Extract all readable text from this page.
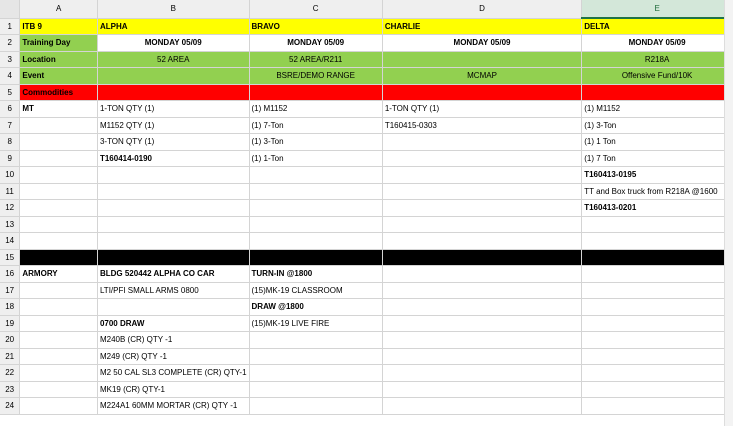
	A	B	C	D	E
1	ITB 9	ALPHA	BRAVO	CHARLIE	DELTA
2	Training Day	MONDAY 05/09	MONDAY 05/09	MONDAY 05/09	MONDAY 05/09
3	Location	52 AREA	52 AREA/R211		R218A
4	Event		BSRE/DEMO RANGE	MCMAP	Offensive Fund/10K
5	Commodities				
6	MT	1-TON QTY (1)	(1) M1152	1-TON QTY (1)	(1) M1152
7		M1152 QTY (1)	(1) 7-Ton	T160415-0303	(1) 3-Ton
8		3-TON QTY (1)	(1) 3-Ton		(1) 1 Ton
9		T160414-0190	(1) 1-Ton		(1) 7 Ton
10					T160413-0195
11					TT and Box truck from R218A @1600
12					T160413-0201
13					
14					
15					
16	ARMORY	BLDG 520442 ALPHA CO CAR	TURN-IN @1800		
17		LTI/PFI SMALL ARMS 0800	(15)MK-19 CLASSROOM		
18			DRAW @1800		
19		0700 DRAW	(15)MK-19 LIVE FIRE		
20		M240B (CR) QTY -1			
21		M249 (CR) QTY -1			
22		M2 50 CAL SL3 COMPLETE (CR) QTY-1			
23		MK19 (CR) QTY-1			
24		M224A1 60MM MORTAR (CR) QTY -1			
